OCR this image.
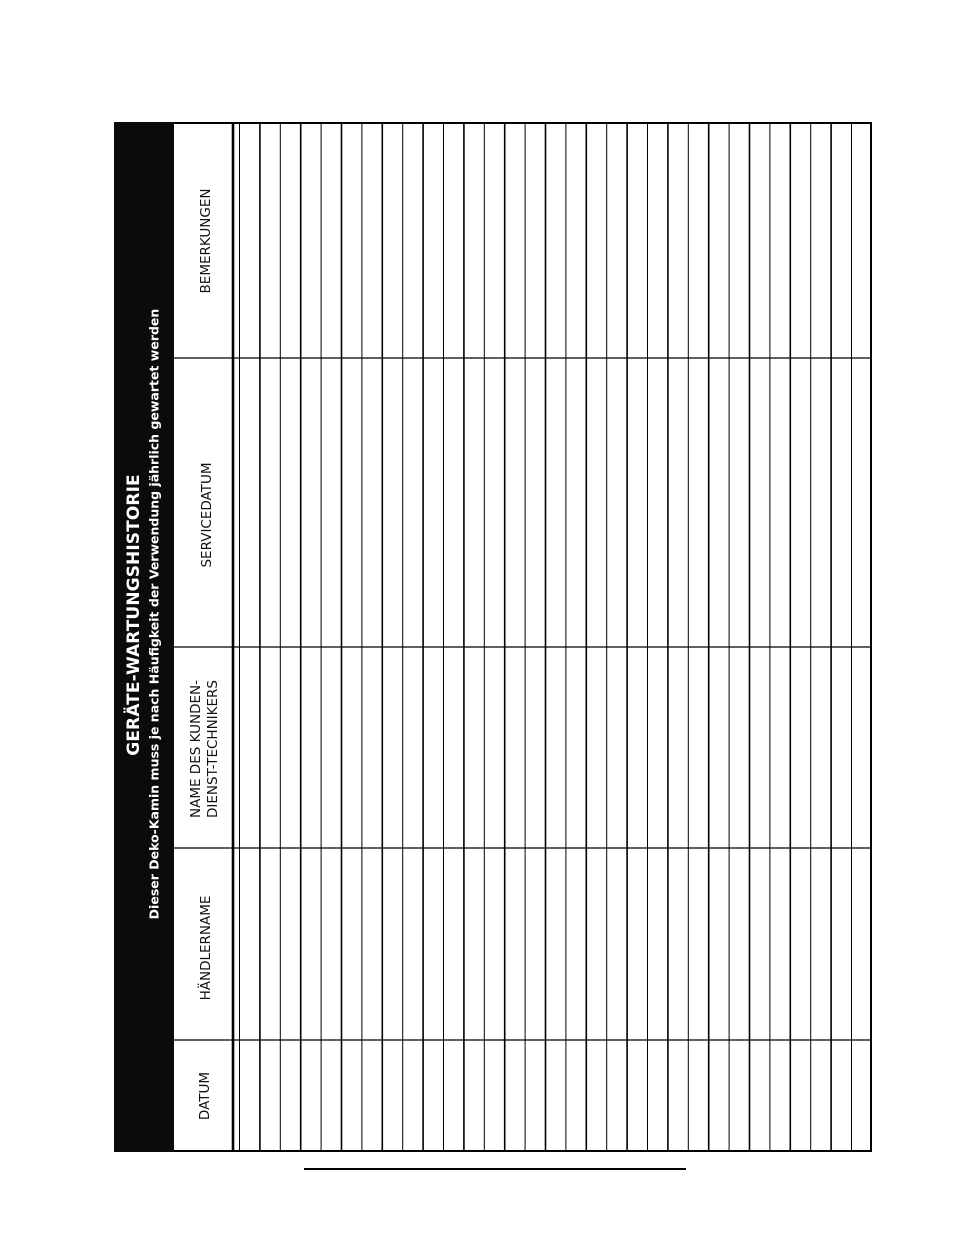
GERÄTE-WARTUNGSHISTORIE Dieser Deko-Kamin muss je nach Häufigkeit der Verwendung jährlich gewartet werden
DATUM
HÄNDLERNAME
NAME DES KUNDEN- DIENST-TECHNIKERS
SERVICEDATUM
BEMERKUNGEN
